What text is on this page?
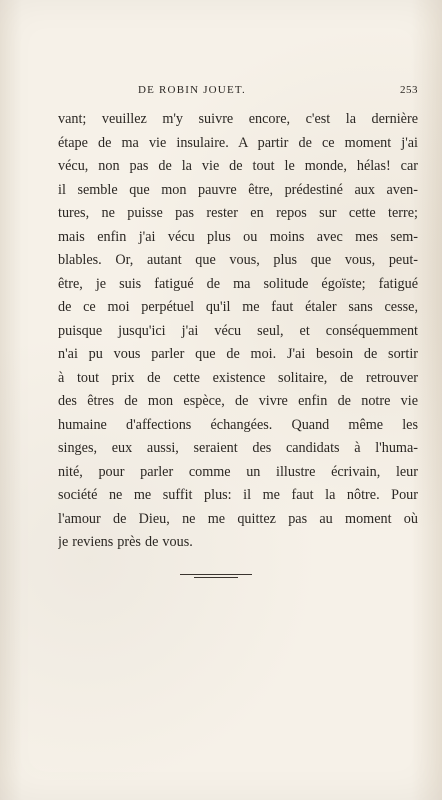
DE ROBIN JOUET.	253
vant; veuillez m'y suivre encore, c'est la dernière
étape de ma vie insulaire. A partir de ce moment j'ai
vécu, non pas de la vie de tout le monde, hélas! car
il semble que mon pauvre être, prédestiné aux aven-
tures, ne puisse pas rester en repos sur cette terre;
mais enfin j'ai vécu plus ou moins avec mes sem-
blables. Or, autant que vous, plus que vous, peut-
être, je suis fatigué de ma solitude égoïste; fatigué
de ce moi perpétuel qu'il me faut étaler sans cesse,
puisque jusqu'ici j'ai vécu seul, et conséquemment
n'ai pu vous parler que de moi. J'ai besoin de sortir
à tout prix de cette existence solitaire, de retrouver
des êtres de mon espèce, de vivre enfin de notre vie
humaine d'affections échangées. Quand même les
singes, eux aussi, seraient des candidats à l'huma-
nité, pour parler comme un illustre écrivain, leur
société ne me suffit plus: il me faut la nôtre. Pour
l'amour de Dieu, ne me quittez pas au moment où
je reviens près de vous.
